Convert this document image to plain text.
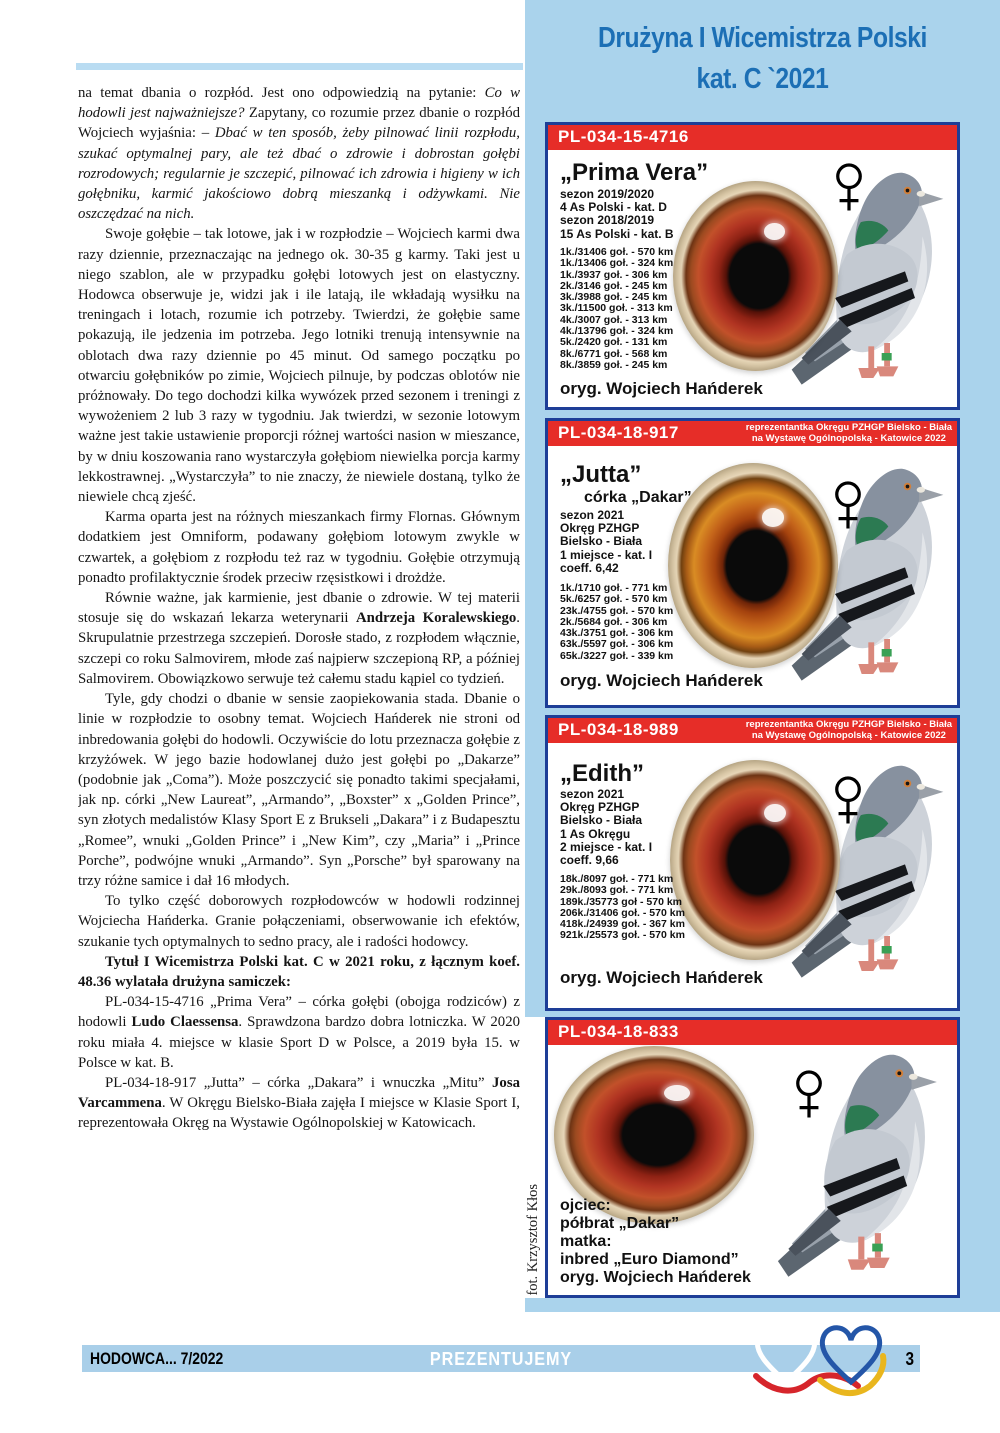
na temat dbania o rozpłód. Jest ono odpowiedzią na pytanie: Co w hodowli jest najważniejsze? Zapytany, co rozumie przez dbanie o rozpłód Wojciech wyjaśnia: – Dbać w ten sposób, żeby pilnować linii rozpłodu, szukać optymalnej pary, ale też dbać o zdrowie i dobrostan gołębi rozrodowych; regularnie je szczepić, pilnować ich zdrowia i higieny w ich gołębniku, karmić jakościowo dobrą mieszanką i odżywkami. Nie oszczędzać na nich.

Swoje gołębie – tak lotowe, jak i w rozpłodzie – Wojciech karmi dwa razy dziennie, przeznaczając na jednego ok. 30-35 g karmy. Taki jest u niego szablon, ale w przypadku gołębi lotowych jest on elastyczny. Hodowca obserwuje je, widzi jak i ile latają, ile wkładają wysiłku na treningach i lotach, rozumie ich potrzeby. Twierdzi, że gołębie same pokazują, ile jedzenia im potrzeba. Jego lotniki trenują intensywnie na oblotach dwa razy dziennie po 45 minut. Od samego początku po otwarciu gołębników po zimie, Wojciech pilnuje, by podczas oblotów nie próżnowały. Do tego dochodzi kilka wywózek przed sezonem i treningi z wywożeniem 2 lub 3 razy w tygodniu. Jak twierdzi, w sezonie lotowym ważne jest takie ustawienie proporcji różnej wartości nasion w mieszance, by w dniu koszowania rano wystarczyła gołębiom niewielka porcja karmy lekkostrawnej. „Wystarczyła” to nie znaczy, że niewiele dostaną, tylko że niewiele chcą zjeść.

Karma oparta jest na różnych mieszankach firmy Flornas. Głównym dodatkiem jest Omniform, podawany gołębiom lotowym zwykle w czwartek, a gołębiom z rozpłodu też raz w tygodniu. Gołębie otrzymują ponadto profilaktycznie środek przeciw rzęsistkowi i drożdże.

Równie ważne, jak karmienie, jest dbanie o zdrowie. W tej materii stosuje się do wskazań lekarza weterynarii Andrzeja Koralewskiego. Skrupulatnie przestrzega szczepień. Dorosłe stado, z rozpłodem włącznie, szczepi co roku Salmovirem, młode zaś najpierw szczepioną RP, a później Salmovirem. Obowiązkowo serwuje też całemu stadu kąpiel co tydzień.

Tyle, gdy chodzi o dbanie w sensie zaopiekowania stada. Dbanie o linie w rozpłodzie to osobny temat. Wojciech Hańderek nie stroni od inbredowania gołębi do hodowli. Oczywiście do lotu przeznacza gołębie z krzyżówek. W jego bazie hodowlanej dużo jest gołębi po „Dakarze” (podobnie jak „Coma”). Może poszczycić się ponadto takimi specjałami, jak np. córki „New Laureat”, „Armando”, „Boxster” x „Golden Prince”, syn złotych medalistów Klasy Sport E z Brukseli „Dakara” i z Budapesztu „Romee”, wnuki „Golden Prince” i „New Kim”, czy „Maria” i „Prince Porche”, podwójne wnuki „Armando”. Syn „Porsche” był sparowany na trzy różne samice i dał 16 młodych.

To tylko część doborowych rozpłodowców w hodowli rodzinnej Wojciecha Hańderka. Granie połączeniami, obserwowanie ich efektów, szukanie tych optymalnych to sedno pracy, ale i radości hodowcy.

Tytuł I Wicemistrza Polski kat. C w 2021 roku, z łącznym koef. 48.36 wylatała drużyna samiczek:

PL-034-15-4716 „Prima Vera” – córka gołębi (obojga rodziców) z hodowli Ludo Claessensa. Sprawdzona bardzo dobra lotniczka. W 2020 roku miała 4. miejsce w klasie Sport D w Polsce, a 2019 była 15. w Polsce w kat. B.

PL-034-18-917 „Jutta” – córka „Dakara” i wnuczka „Mitu” Josa Varcammena. W Okręgu Bielsko-Biała zajęła I miejsce w Klasie Sport I, reprezentowała Okręg na Wystawie Ogólnopolskiej w Katowicach.

Drużyna I Wicemistrza Polski
kat. C `2021
PL-034-15-4716
„Prima Vera”
sezon 2019/2020
4 As Polski - kat. D
sezon 2018/2019
15 As Polski - kat. B
1k./31406 goł. - 570 km
1k./13406 goł. - 324 km
1k./3937 goł. - 306 km
2k./3146 goł. - 245 km
3k./3988 goł. - 245 km
3k./11500 goł. - 313 km
4k./3007 goł. - 313 km
4k./13796 goł. - 324 km
5k./2420 goł. - 131 km
8k./6771 goł. - 568 km
8k./3859 goł. - 245 km
oryg. Wojciech Hańderek
PL-034-18-917	reprezentantka Okręgu PZHGP Bielsko - Biała
na Wystawę Ogólnopolską - Katowice 2022
„Jutta”
córka „Dakar”
sezon 2021
Okręg PZHGP
Bielsko - Biała
1 miejsce - kat. I
coeff. 6,42
1k./1710 goł. - 771 km
5k./6257 goł. - 570 km
23k./4755 goł. - 570 km
2k./5684 goł. - 306 km
43k./3751 goł. - 306 km
63k./5597 goł. - 306 km
65k./3227 goł. - 339 km
oryg. Wojciech Hańderek
PL-034-18-989	reprezentantka Okręgu PZHGP Bielsko - Biała
na Wystawę Ogólnopolską - Katowice 2022
„Edith”
sezon 2021
Okręg PZHGP
Bielsko - Biała
1 As Okręgu
2 miejsce - kat. I
coeff. 9,66
18k./8097 goł. - 771 km
29k./8093 goł. - 771 km
189k./35773 goł - 570 km
206k./31406 goł. - 570 km
418k./24939 goł. - 367 km
921k./25573 goł. - 570 km
oryg. Wojciech Hańderek
PL-034-18-833
ojciec:
półbrat „Dakar”
matka:
inbred „Euro Diamond”
oryg. Wojciech Hańderek
fot. Krzysztof Kłos
HODOWCA... 7/2022	PREZENTUJEMY	3
